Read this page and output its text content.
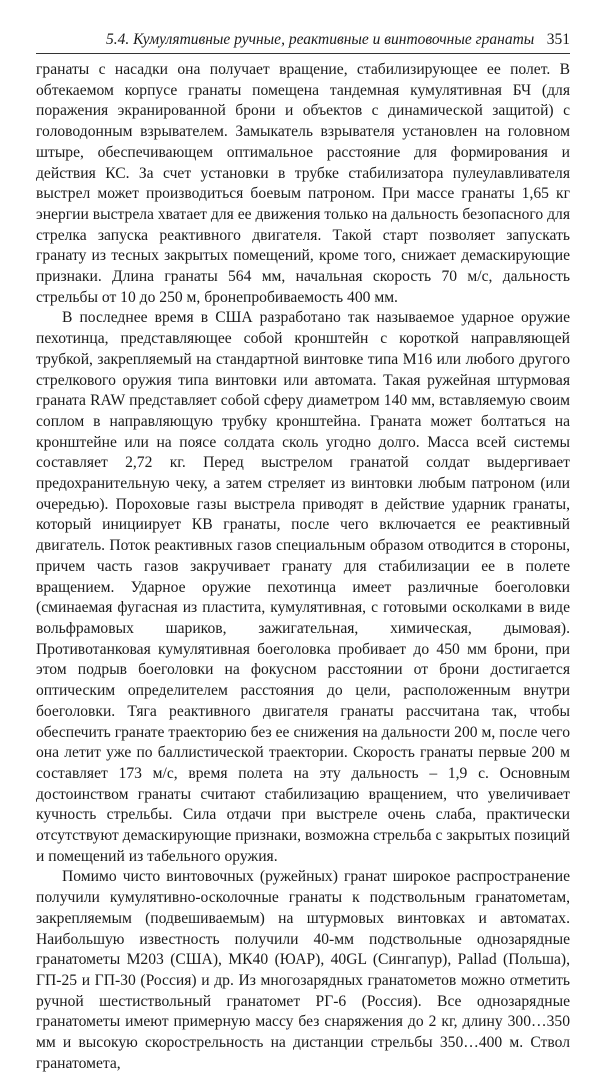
5.4. Кумулятивные ручные, реактивные и винтовочные гранаты 351

гранаты с насадки она получает вращение, стабилизирующее ее полет. В обтекаемом корпусе гранаты помещена тандемная кумулятивная БЧ (для поражения экранированной брони и объектов с динамической защитой) с головодонным взрывателем. Замыкатель взрывателя установлен на головном штыре, обеспечивающем оптимальное расстояние для формирования и действия КС. За счет установки в трубке стабилизатора пулеулавливателя выстрел может производиться боевым патроном. При массе гранаты 1,65 кг энергии выстрела хватает для ее движения только на дальность безопасного для стрелка запуска реактивного двигателя. Такой старт позволяет запускать гранату из тесных закрытых помещений, кроме того, снижает демаскирующие признаки. Длина гранаты 564 мм, начальная скорость 70 м/с, дальность стрельбы от 10 до 250 м, бронепробиваемость 400 мм.

В последнее время в США разработано так называемое ударное оружие пехотинца, представляющее собой кронштейн с короткой направляющей трубкой, закрепляемый на стандартной винтовке типа М16 или любого другого стрелкового оружия типа винтовки или автомата. Такая ружейная штурмовая граната RAW представляет собой сферу диаметром 140 мм, вставляемую своим соплом в направляющую трубку кронштейна. Граната может болтаться на кронштейне или на поясе солдата сколь угодно долго. Масса всей системы составляет 2,72 кг. Перед выстрелом гранатой солдат выдергивает предохранительную чеку, а затем стреляет из винтовки любым патроном (или очередью). Пороховые газы выстрела приводят в действие ударник гранаты, который инициирует КВ гранаты, после чего включается ее реактивный двигатель. Поток реактивных газов специальным образом отводится в стороны, причем часть газов закручивает гранату для стабилизации ее в полете вращением. Ударное оружие пехотинца имеет различные боеголовки (сминаемая фугасная из пластита, кумулятивная, с готовыми осколками в виде вольфрамовых шариков, зажигательная, химическая, дымовая). Противотанковая кумулятивная боеголовка пробивает до 450 мм брони, при этом подрыв боеголовки на фокусном расстоянии от брони достигается оптическим определителем расстояния до цели, расположенным внутри боеголовки. Тяга реактивного двигателя гранаты рассчитана так, чтобы обеспечить гранате траекторию без ее снижения на дальности 200 м, после чего она летит уже по баллистической траектории. Скорость гранаты первые 200 м составляет 173 м/с, время полета на эту дальность – 1,9 с. Основным достоинством гранаты считают стабилизацию вращением, что увеличивает кучность стрельбы. Сила отдачи при выстреле очень слаба, практически отсутствуют демаскирующие признаки, возможна стрельба с закрытых позиций и помещений из табельного оружия.

Помимо чисто винтовочных (ружейных) гранат широкое распространение получили кумулятивно-осколочные гранаты к подствольным гранатометам, закрепляемым (подвешиваемым) на штурмовых винтовках и автоматах. Наибольшую известность получили 40-мм подствольные однозарядные гранатометы M203 (США), МК40 (ЮАР), 40GL (Сингапур), Pallad (Польша), ГП-25 и ГП-30 (Россия) и др. Из многозарядных гранатометов можно отметить ручной шестиствольный гранатомет РГ-6 (Россия). Все однозарядные гранатометы имеют примерную массу без снаряжения до 2 кг, длину 300…350 мм и высокую скорострельность на дистанции стрельбы 350…400 м. Ствол гранатомета,
